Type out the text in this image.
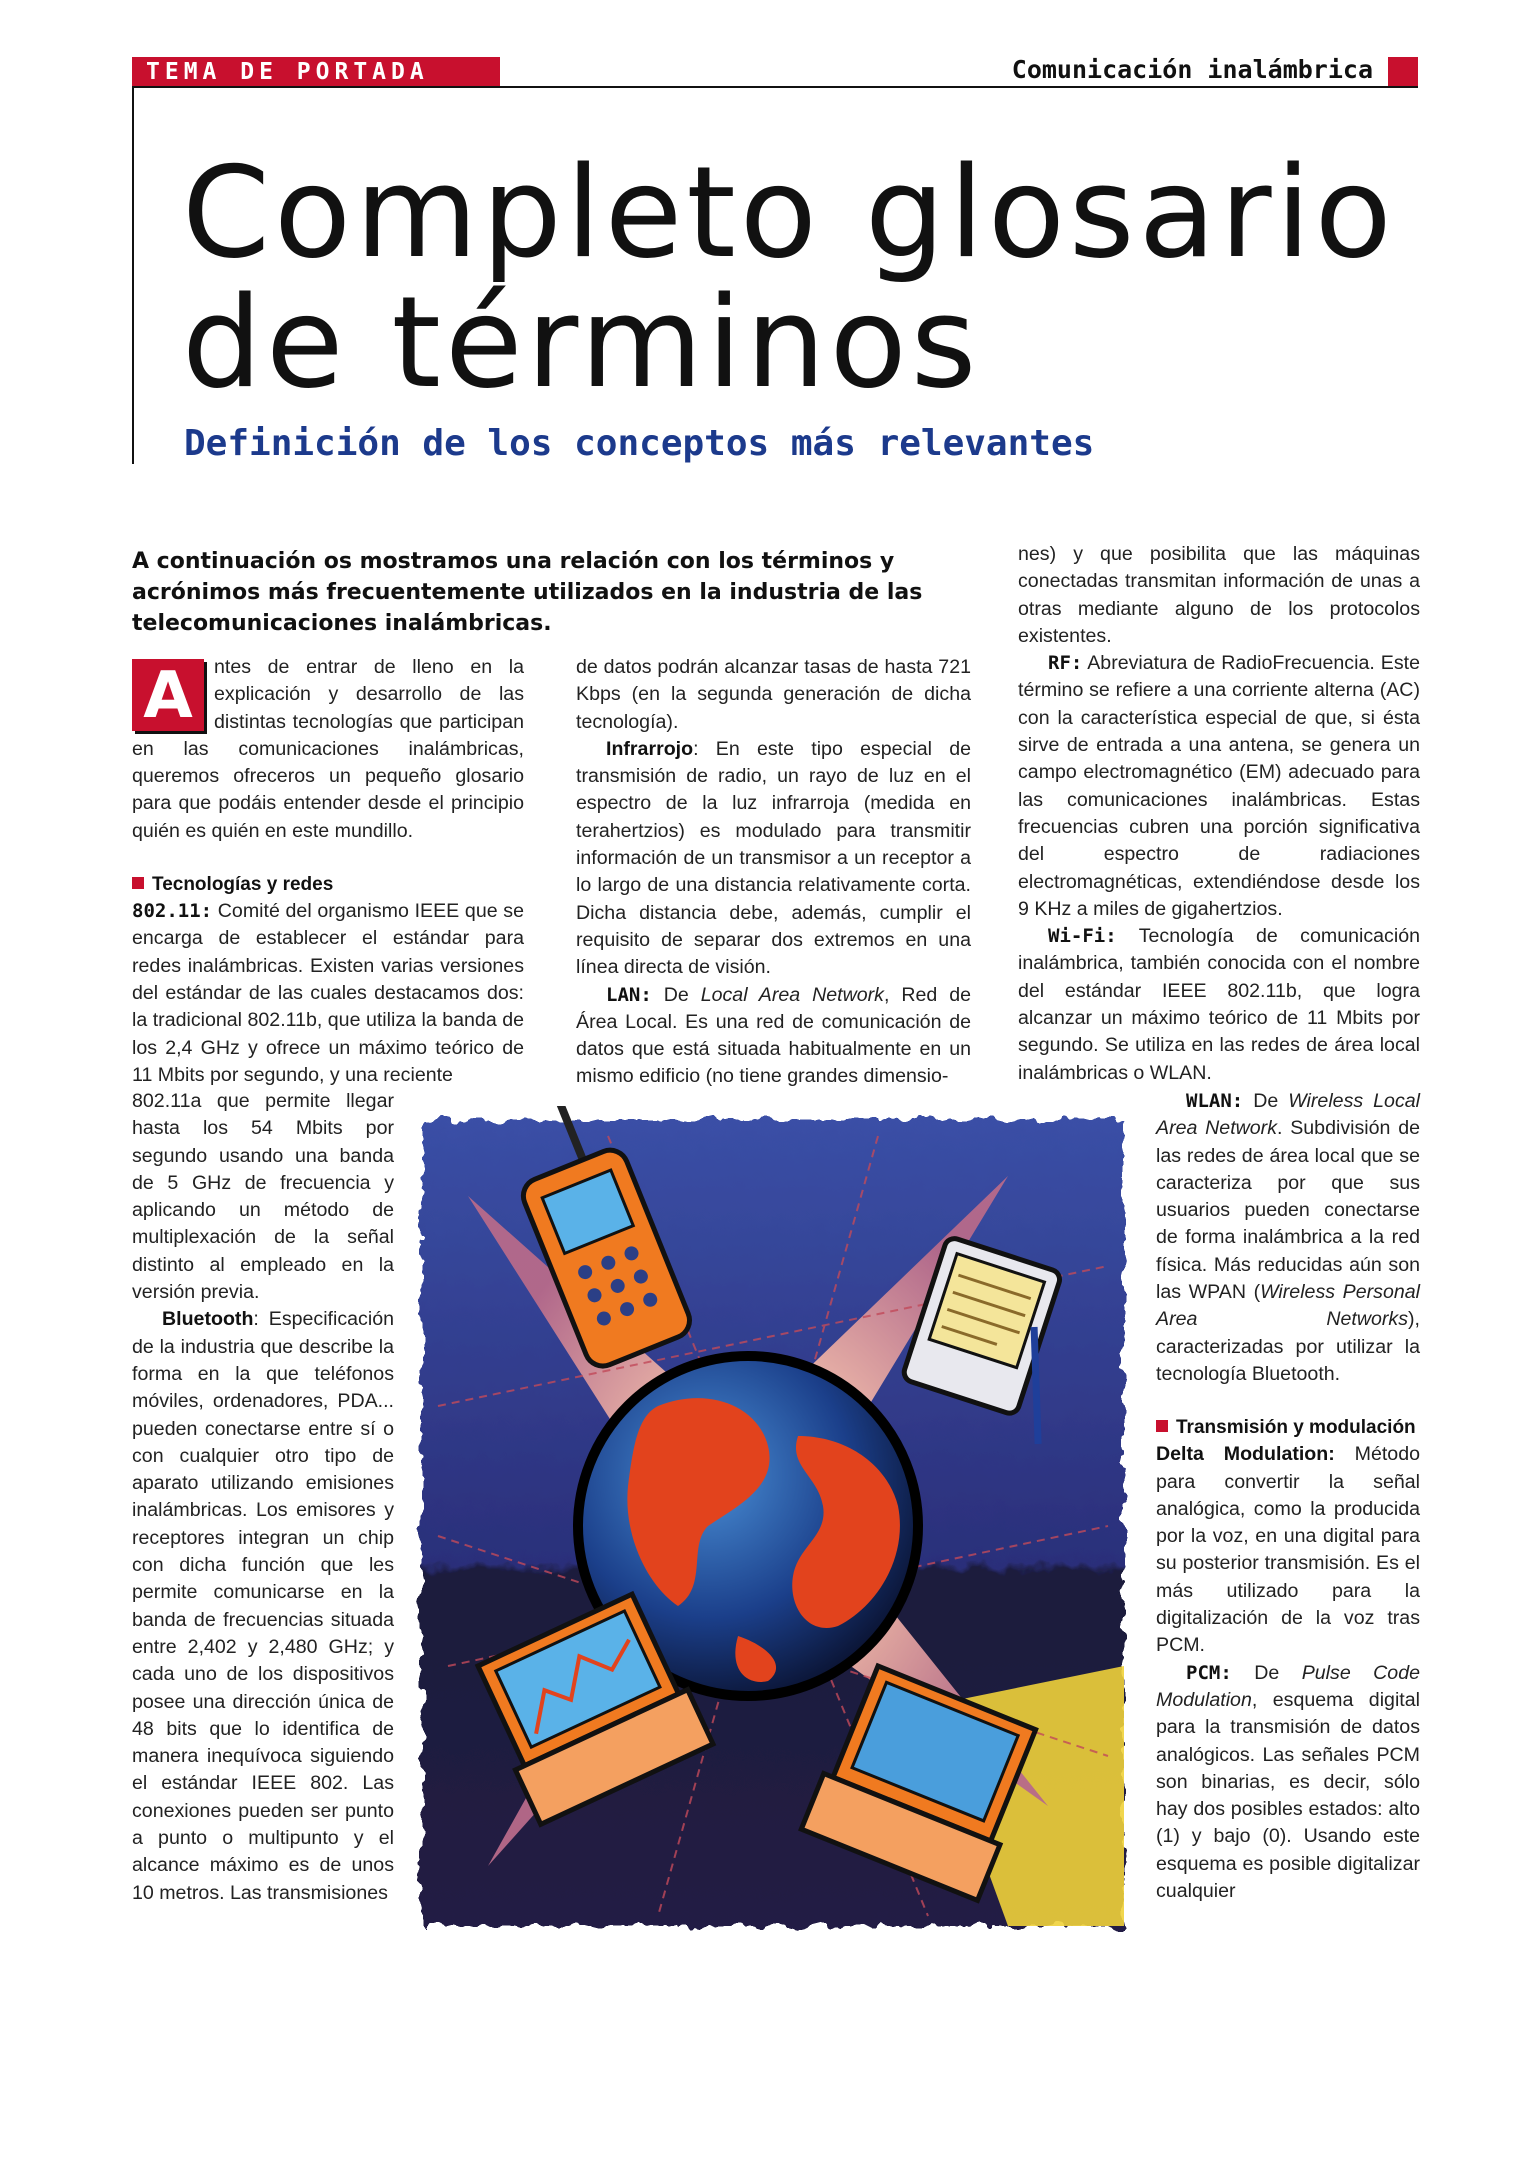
TEMA DE PORTADA	Comunicación inalámbrica
Completo glosario
de términos
Definición de los conceptos más relevantes
A continuación os mostramos una relación con los términos y acrónimos más frecuentemente utilizados en la industria de las telecomunicaciones inalámbricas.

A	ntes de entrar de lleno en la explicación y desarrollo de las distintas tecnologías que participan en las comunicaciones inalámbricas, queremos ofreceros un pequeño glosario para que podáis entender desde el principio quién es quién en este mundillo.

Tecnologías y redes

802.11: Comité del organismo IEEE que se encarga de establecer el estándar para redes inalámbricas. Existen varias versiones del estándar de las cuales destacamos dos: la tradicional 802.11b, que utiliza la banda de los 2,4 GHz y ofrece un máximo teórico de 11 Mbits por segundo, y una reciente

802.11a que permite llegar hasta los 54 Mbits por segundo usando una banda de 5 GHz de frecuencia y aplicando un método de multiplexación de la señal distinto al empleado en la versión previa.

Bluetooth: Especificación de la industria que describe la forma en la que teléfonos móviles, ordenadores, PDA... pueden conectarse entre sí o con cualquier otro tipo de aparato utilizando emisiones inalámbricas. Los emisores y receptores integran un chip con dicha función que les permite comunicarse en la banda de frecuencias situada entre 2,402 y 2,480 GHz; y cada uno de los dispositivos posee una dirección única de 48 bits que lo identifica de manera inequívoca siguiendo el estándar IEEE 802. Las conexiones pueden ser punto a punto o multipunto y el alcance máximo es de unos 10 metros. Las transmisiones

de datos podrán alcanzar tasas de hasta 721 Kbps (en la segunda generación de dicha tecnología).

Infrarrojo: En este tipo especial de transmisión de radio, un rayo de luz en el espectro de la luz infrarroja (medida en terahertzios) es modulado para transmitir información de un transmisor a un receptor a lo largo de una distancia relativamente corta. Dicha distancia debe, además, cumplir el requisito de separar dos extremos en una línea directa de visión.

LAN: De Local Area Network, Red de Área Local. Es una red de comunicación de datos que está situada habitualmente en un mismo edificio (no tiene grandes dimensio-

nes) y que posibilita que las máquinas conectadas transmitan información de unas a otras mediante alguno de los protocolos existentes.

RF: Abreviatura de RadioFrecuencia. Este término se refiere a una corriente alterna (AC) con la característica especial de que, si ésta sirve de entrada a una antena, se genera un campo electromagnético (EM) adecuado para las comunicaciones inalámbricas. Estas frecuencias cubren una porción significativa del espectro de radiaciones electromagnéticas, extendiéndose desde los 9 KHz a miles de gigahertzios.

Wi-Fi: Tecnología de comunicación inalámbrica, también conocida con el nombre del estándar IEEE 802.11b, que logra alcanzar un máximo teórico de 11 Mbits por segundo. Se utiliza en las redes de área local inalámbricas o WLAN.

WLAN: De Wireless Local Area Network. Subdivisión de las redes de área local que se caracteriza por que sus usuarios pueden conectarse de forma inalámbrica a la red física. Más reducidas aún son las WPAN (Wireless Personal Area Networks), caracterizadas por utilizar la tecnología Bluetooth.

Transmisión y modulación

Delta Modulation: Método para convertir la señal analógica, como la producida por la voz, en una digital para su posterior transmisión. Es el más utilizado para la digitalización de la voz tras PCM.

PCM: De Pulse Code Modulation, esquema digital para la transmisión de datos analógicos. Las señales PCM son binarias, es decir, sólo hay dos posibles estados: alto (1) y bajo (0). Usando este esquema es posible digitalizar cualquier
